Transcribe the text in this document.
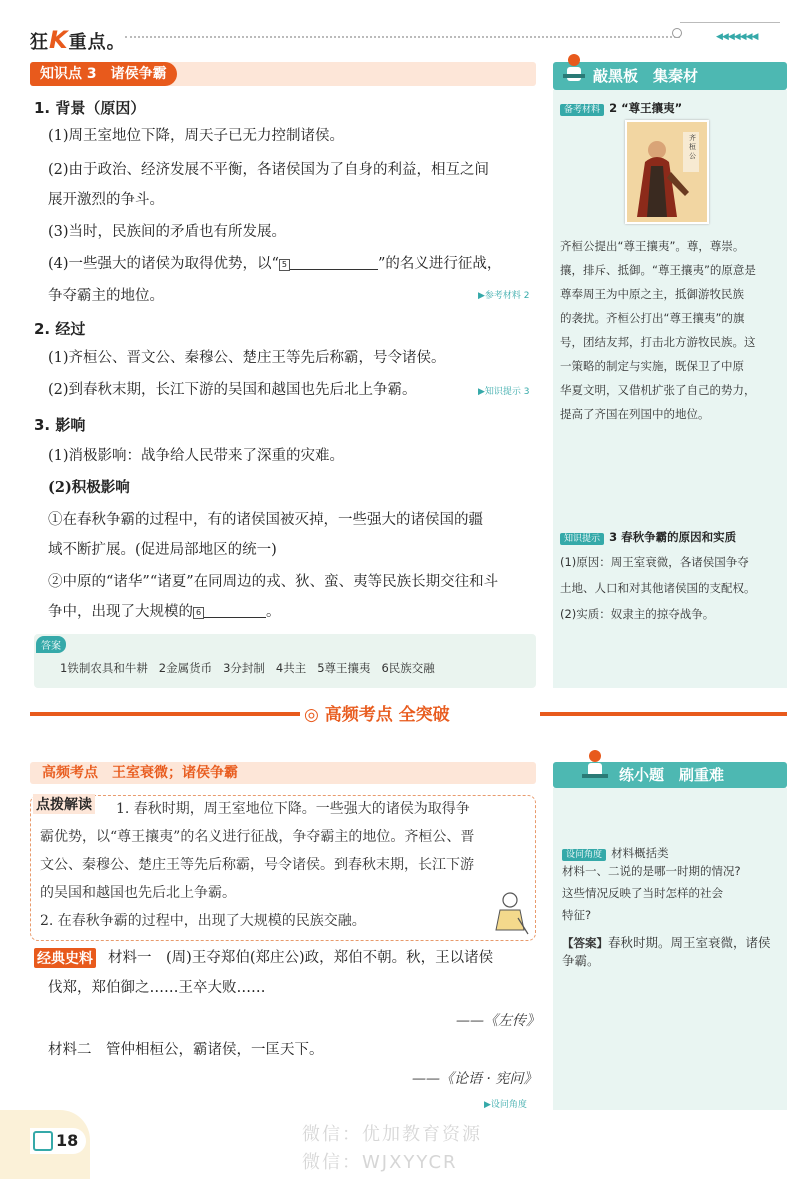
狂K重点。	◀◀◀◀◀◀◀
知识点 3　诸侯争霸
1. 背景（原因）
(1)周王室地位下降，周天子已无力控制诸侯。
(2)由于政治、经济发展不平衡，各诸侯国为了自身的利益，相互之间
展开激烈的争斗。
(3)当时，民族间的矛盾也有所发展。
(4)一些强大的诸侯为取得优势，以“ 5	”的名义进行征战，
争夺霸主的地位。	▶参考材料 2
2. 经过
(1)齐桓公、晋文公、秦穆公、楚庄王等先后称霸，号令诸侯。
(2)到春秋末期，长江下游的吴国和越国也先后北上争霸。	▶知识提示 3
3. 影响
(1)消极影响：战争给人民带来了深重的灾难。
(2)积极影响
①在春秋争霸的过程中，有的诸侯国被灭掉，一些强大的诸侯国的疆
域不断扩展。(促进局部地区的统一)
②中原的“诸华”“诸夏”在同周边的戎、狄、蛮、夷等民族长期交往和斗
争中，出现了大规模的 6	。
答案
1铁制农具和牛耕 2金属货币 3分封制 4共主 5尊王攘夷 6民族交融
敲黑板　集秦材
备考材料 2 “尊王攘夷”
齐桓公
齐桓公提出“尊王攘夷”。尊，尊崇。
攘，排斥、抵御。“尊王攘夷”的原意是
尊奉周王为中原之主，抵御游牧民族
的袭扰。齐桓公打出“尊王攘夷”的旗
号，团结友邦，打击北方游牧民族。这
一策略的制定与实施，既保卫了中原
华夏文明，又借机扩张了自己的势力，
提高了齐国在列国中的地位。
知识提示 3 春秋争霸的原因和实质
(1)原因：周王室衰微，各诸侯国争夺
土地、人口和对其他诸侯国的支配权。
(2)实质：奴隶主的掠夺战争。
◎ 高频考点 全突破
高频考点　王室衰微；诸侯争霸
点拨解读 1. 春秋时期，周王室地位下降。一些强大的诸侯为取得争
霸优势，以“尊王攘夷”的名义进行征战，争夺霸主的地位。齐桓公、晋
文公、秦穆公、楚庄王等先后称霸，号令诸侯。到春秋末期，长江下游
的吴国和越国也先后北上争霸。
2. 在春秋争霸的过程中，出现了大规模的民族交融。
经典史料 材料一　(周)王夺郑伯(郑庄公)政，郑伯不朝。秋，王以诸侯
伐郑，郑伯御之……王卒大败……
——《左传》
材料二　管仲相桓公，霸诸侯，一匡天下。
——《论语 · 宪问》
▶设问角度
练小题　刷重难
设问角度 材料概括类
材料一、二说的是哪一时期的情况?
这些情况反映了当时怎样的社会
特征?
【答案】春秋时期。周王室衰微，诸侯
争霸。
18	微信：优加教育资源
微信：WJXYYCR
